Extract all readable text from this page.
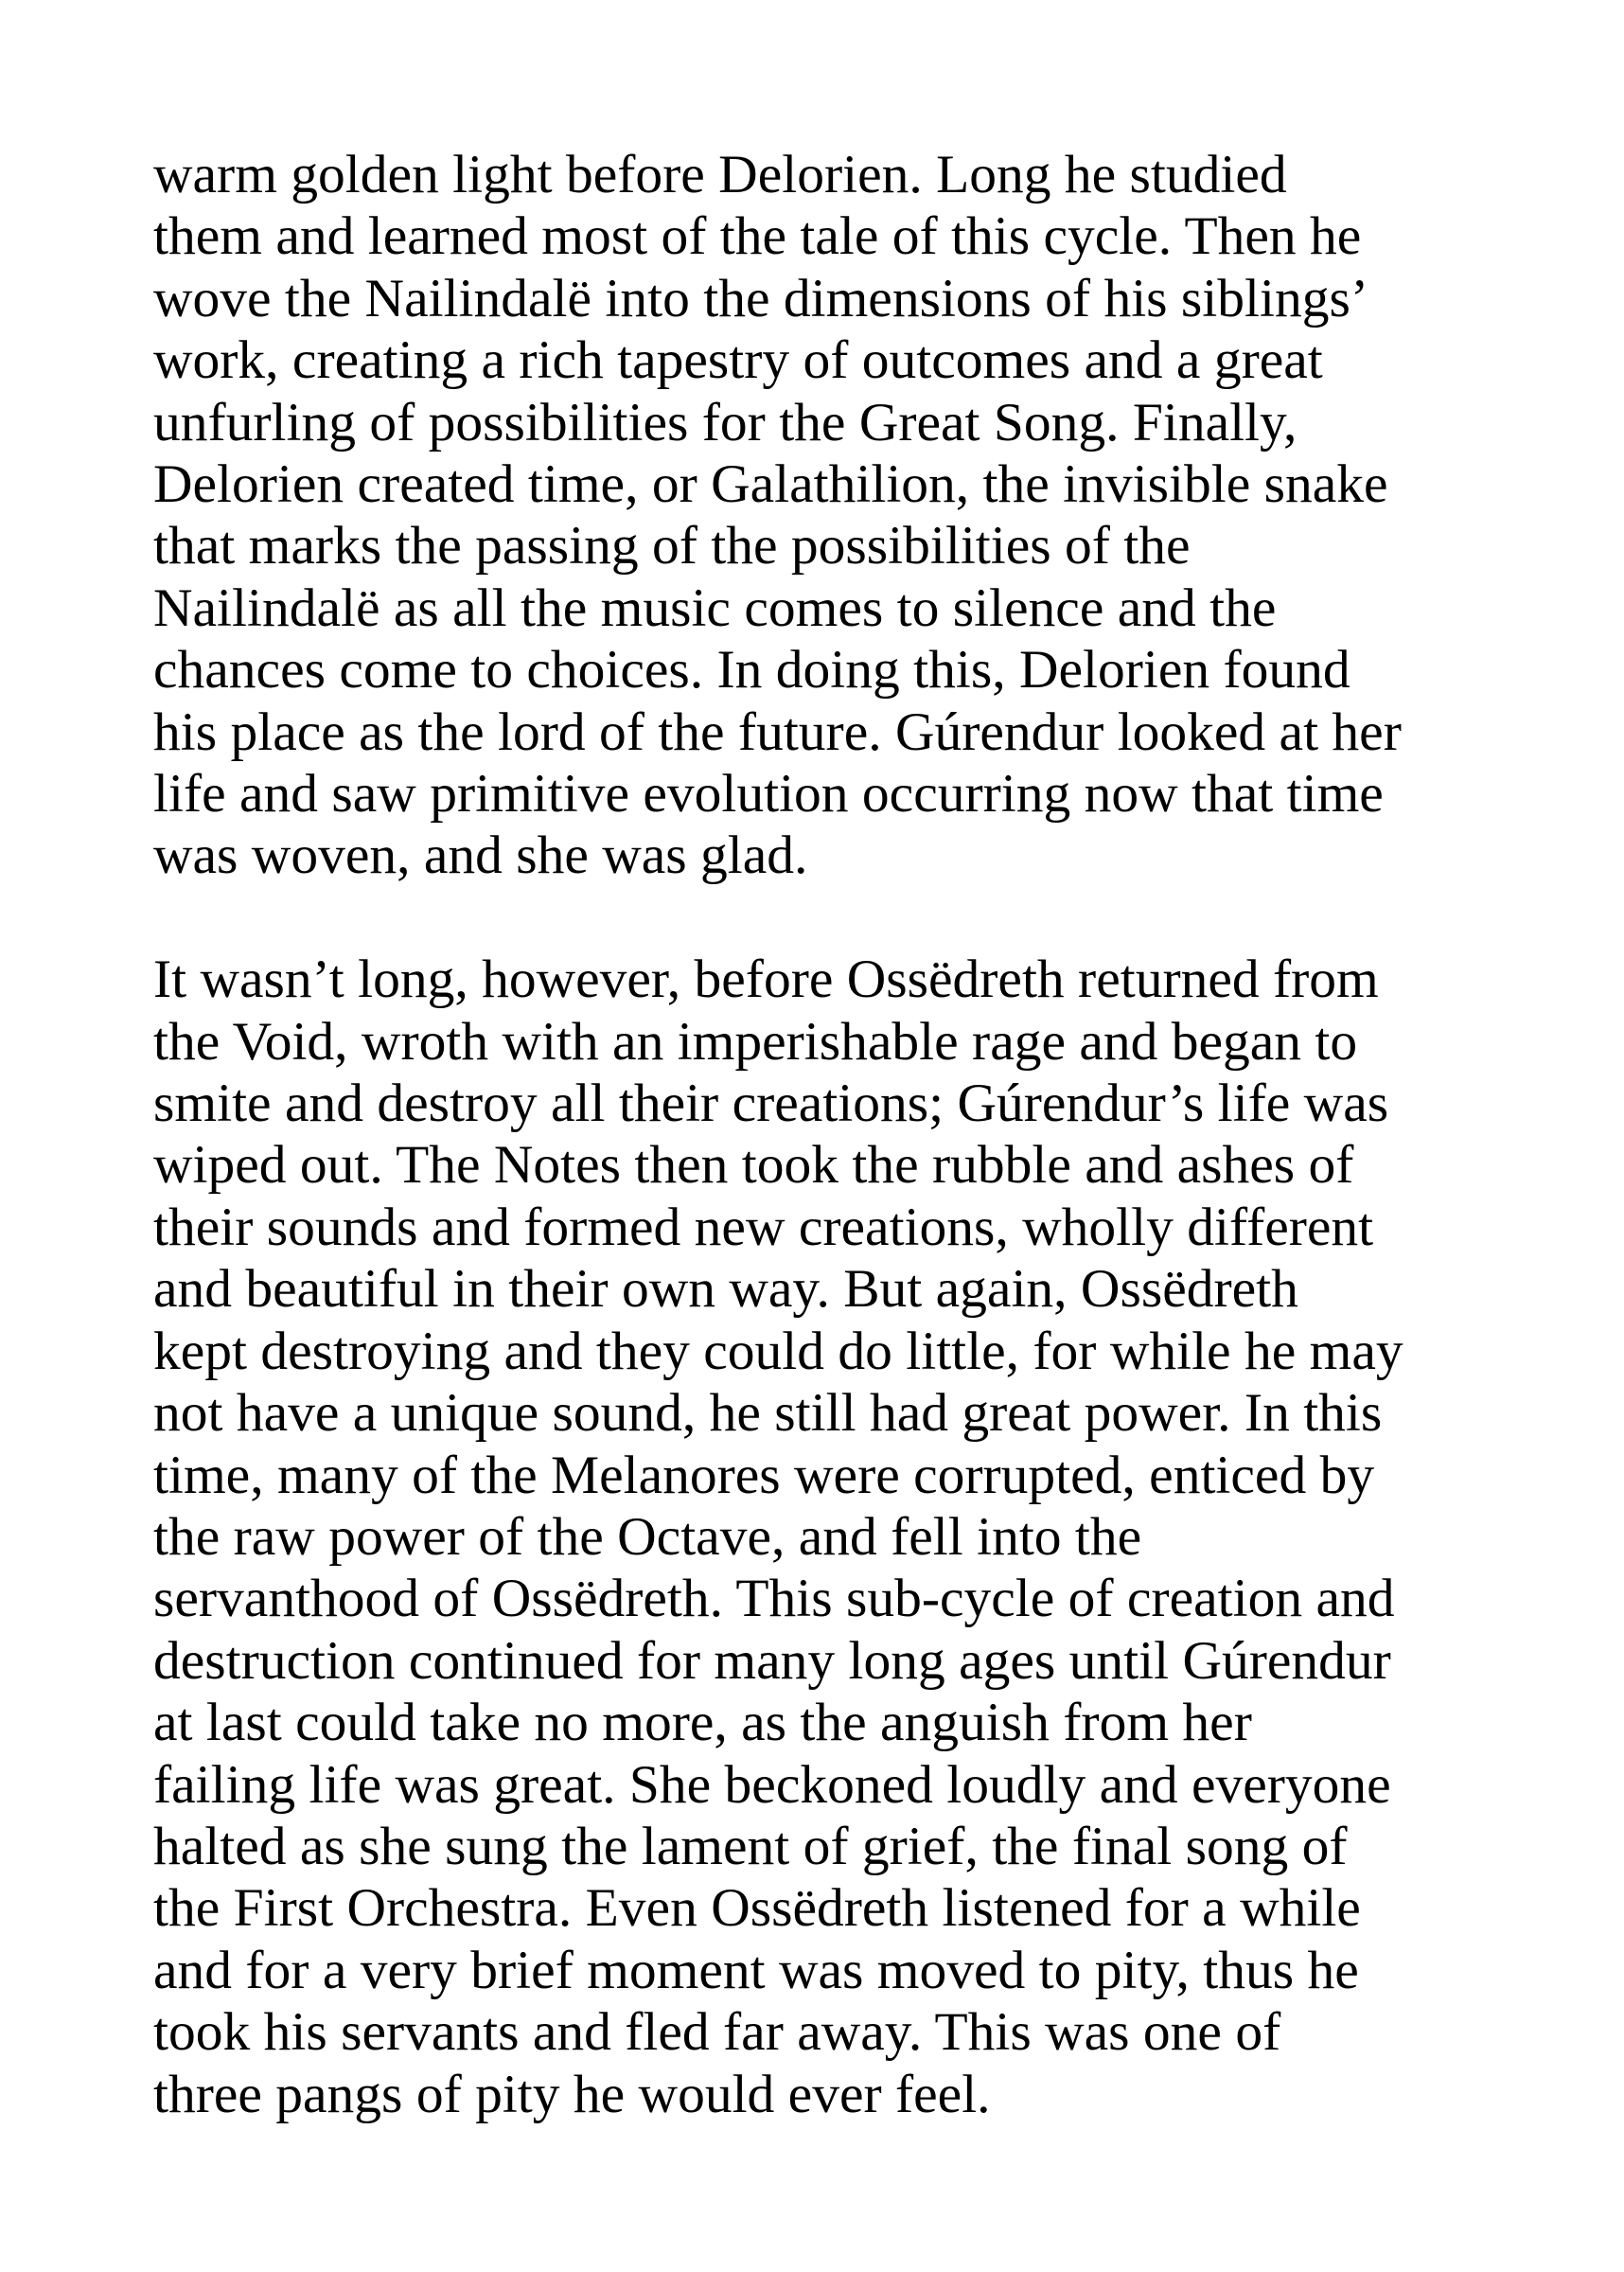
warm golden light before Delorien. Long he studied
them and learned most of the tale of this cycle. Then he
wove the Nailindalë into the dimensions of his siblings’
work, creating a rich tapestry of outcomes and a great
unfurling of possibilities for the Great Song. Finally,
Delorien created time, or Galathilion, the invisible snake
that marks the passing of the possibilities of the
Nailindalë as all the music comes to silence and the
chances come to choices. In doing this, Delorien found
his place as the lord of the future. Gúrendur looked at her
life and saw primitive evolution occurring now that time
was woven, and she was glad.
It wasn’t long, however, before Ossëdreth returned from
the Void, wroth with an imperishable rage and began to
smite and destroy all their creations; Gúrendur’s life was
wiped out. The Notes then took the rubble and ashes of
their sounds and formed new creations, wholly different
and beautiful in their own way. But again, Ossëdreth
kept destroying and they could do little, for while he may
not have a unique sound, he still had great power. In this
time, many of the Melanores were corrupted, enticed by
the raw power of the Octave, and fell into the
servanthood of Ossëdreth. This sub-cycle of creation and
destruction continued for many long ages until Gúrendur
at last could take no more, as the anguish from her
failing life was great. She beckoned loudly and everyone
halted as she sung the lament of grief, the final song of
the First Orchestra. Even Ossëdreth listened for a while
and for a very brief moment was moved to pity, thus he
took his servants and fled far away. This was one of
three pangs of pity he would ever feel.
